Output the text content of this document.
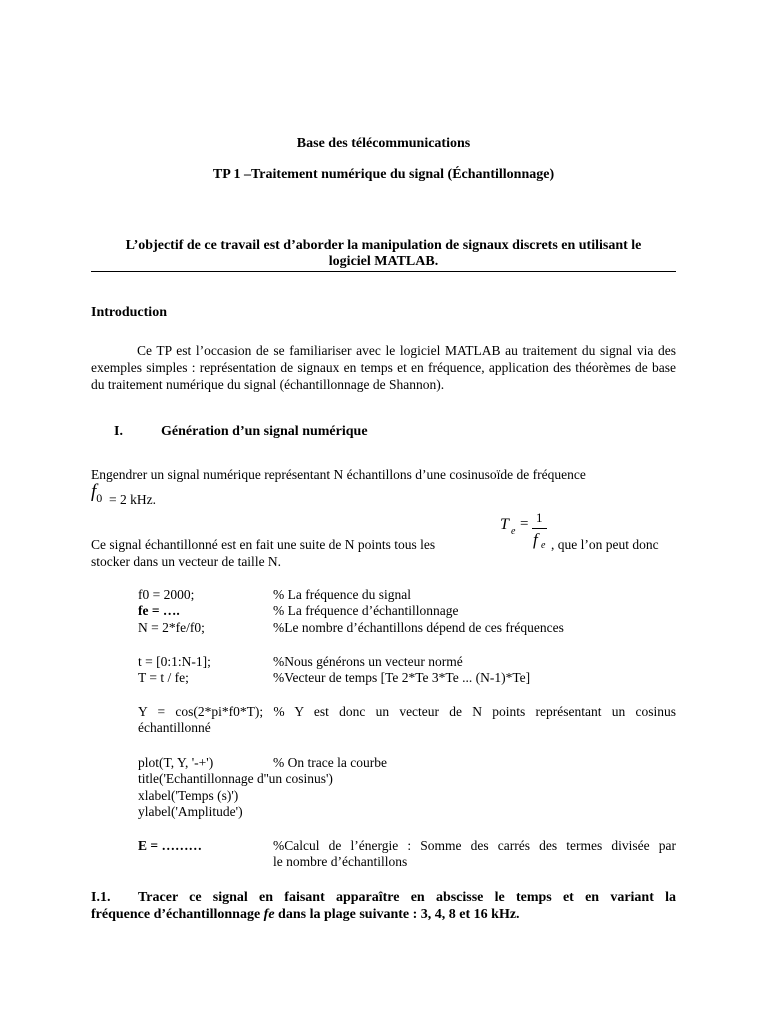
Base des télécommunications
TP 1 –Traitement numérique du signal (Échantillonnage)
L’objectif de ce travail est d’aborder la manipulation de signaux discrets en utilisant le
logiciel MATLAB.
Introduction
Ce TP est l’occasion de se familiariser avec le logiciel MATLAB au traitement du signal via des exemples simples : représentation de signaux en temps et en fréquence, application des théorèmes de base du traitement numérique du signal (échantillonnage de Shannon).
I.	Génération d’un signal numérique
Engendrer un signal numérique représentant N échantillons d’une cosinusoïde de fréquence
$f_0 = 2$ kHz.
T e = 1
f e
Ce signal échantillonné est en fait une suite de N points tous les	, que l’on peut donc
stocker dans un vecteur de taille N.
f0 = 2000;	% La fréquence du signal
fe = ….	% La fréquence d’échantillonnage
N = 2*fe/f0;	%Le nombre d’échantillons dépend de ces fréquences
t = [0:1:N-1];	%Nous générons un vecteur normé
T = t / fe;	%Vecteur de temps [Te 2*Te 3*Te ... (N-1)*Te]
Y = cos(2*pi*f0*T); % Y est donc un vecteur de N points représentant un cosinus
échantillonné
plot(T, Y, '-+')	% On trace la courbe
title('Echantillonnage d''un cosinus')
xlabel('Temps (s)')
ylabel('Amplitude')
E = ………	%Calcul de l’énergie : Somme des carrés des termes divisée par
le nombre d’échantillons
I.1. Tracer ce signal en faisant apparaître en abscisse le temps et en variant la
fréquence d’échantillonnage fe dans la plage suivante : 3, 4, 8 et 16 kHz.
